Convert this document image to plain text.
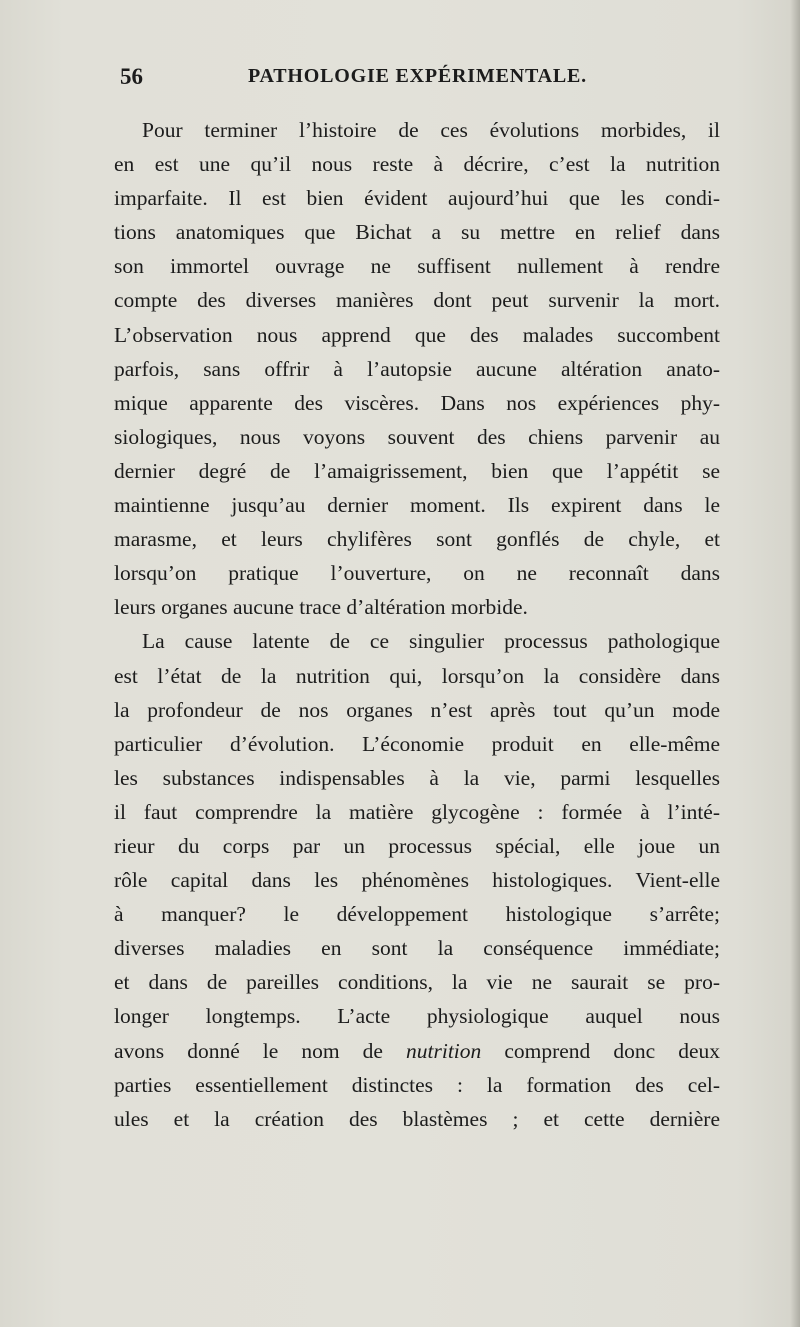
56	PATHOLOGIE EXPÉRIMENTALE.
Pour terminer l’histoire de ces évolutions morbides, il
en est une qu’il nous reste à décrire, c’est la nutrition
imparfaite. Il est bien évident aujourd’hui que les condi-
tions anatomiques que Bichat a su mettre en relief dans
son immortel ouvrage ne suffisent nullement à rendre
compte des diverses manières dont peut survenir la mort.
L’observation nous apprend que des malades succombent
parfois, sans offrir à l’autopsie aucune altération anato-
mique apparente des viscères. Dans nos expériences phy-
siologiques, nous voyons souvent des chiens parvenir au
dernier degré de l’amaigrissement, bien que l’appétit se
maintienne jusqu’au dernier moment. Ils expirent dans le
marasme, et leurs chylifères sont gonflés de chyle, et
lorsqu’on pratique l’ouverture, on ne reconnaît dans
leurs organes aucune trace d’altération morbide.
La cause latente de ce singulier processus pathologique
est l’état de la nutrition qui, lorsqu’on la considère dans
la profondeur de nos organes n’est après tout qu’un mode
particulier d’évolution. L’économie produit en elle-même
les substances indispensables à la vie, parmi lesquelles
il faut comprendre la matière glycogène : formée à l’inté-
rieur du corps par un processus spécial, elle joue un
rôle capital dans les phénomènes histologiques. Vient-elle
à manquer? le développement histologique s’arrête;
diverses maladies en sont la conséquence immédiate;
et dans de pareilles conditions, la vie ne saurait se pro-
longer longtemps. L’acte physiologique auquel nous
avons donné le nom de nutrition comprend donc deux
parties essentiellement distinctes : la formation des cel-
ules et la création des blastèmes ; et cette dernière
